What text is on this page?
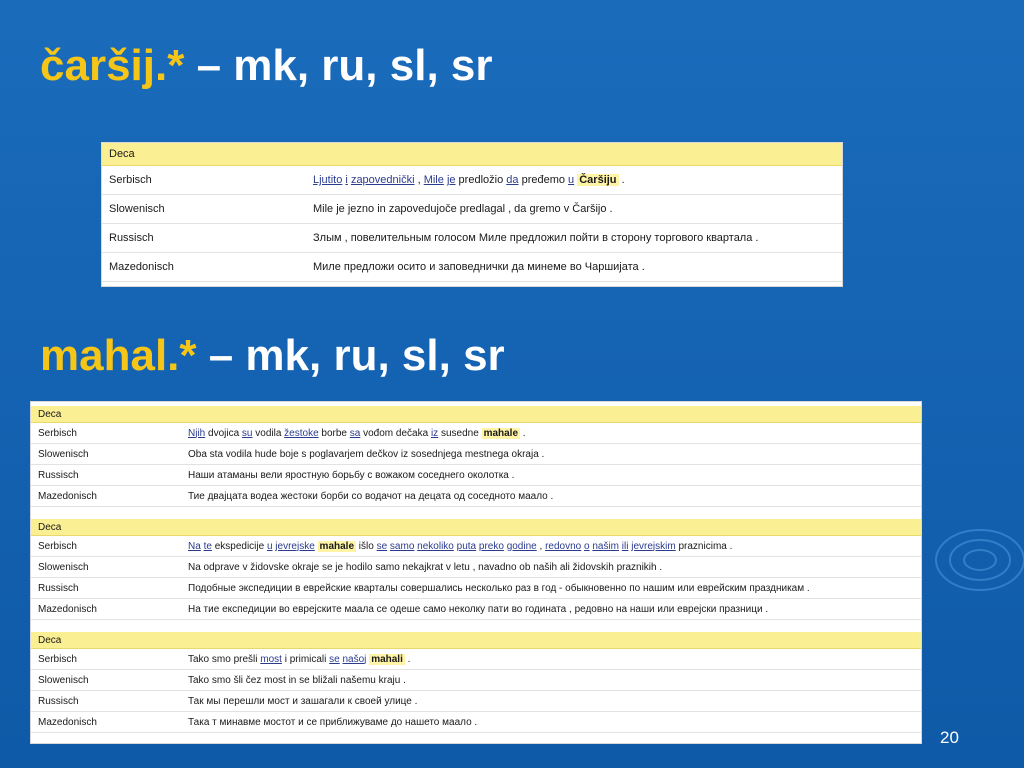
čaršij.* – mk, ru, sl, sr
Deca	
Serbisch	Ljutito i zapovednički , Mile je predložio da pređemo u Čaršiju .
Slowenisch	Mile je jezno in zapovedujoče predlagal , da gremo v Čaršijo .
Russisch	Злым , повелительным голосом Миле предложил пойти в сторону торгового квартала .
Mazedonisch	Миле предложи осито и заповеднички да минеме во Чаршијата .
mahal.* – mk, ru, sl, sr
Deca	
Serbisch	Njih dvojica su vodila žestoke borbe sa vođom dečaka iz susedne mahale .
Slowenisch	Oba sta vodila hude boje s poglavarjem dečkov iz sosednjega mestnega okraja .
Russisch	Наши атаманы вели яростную борьбу с вожаком соседнего околотка .
Mazedonisch	Тие двајцата водеа жестоки борби со водачот на децата од соседното маало .

Deca	
Serbisch	Na te ekspedicije u jevrejske mahale išlo se samo nekoliko puta preko godine , redovno o našim ili jevrejskim praznicima .
Slowenisch	Na odprave v židovske okraje se je hodilo samo nekajkrat v letu , navadno ob naših ali židovskih praznikih .
Russisch	Подобные экспедиции в еврейские кварталы совершались несколько раз в год - обыкновенно по нашим или еврейским праздникам .
Mazedonisch	На тие експедиции во еврејските маала се одеше само неколку пати во годината , редовно на наши или еврејски празници .

Deca	
Serbisch	Tako smo prešli most i primicali se našoj mahali .
Slowenisch	Tako smo šli čez most in se bližali našemu kraju .
Russisch	Так мы перешли мост и зашагали к своей улице .
Mazedonisch	Така т минавме мостот и се приближуваме до нашето маало .
20
